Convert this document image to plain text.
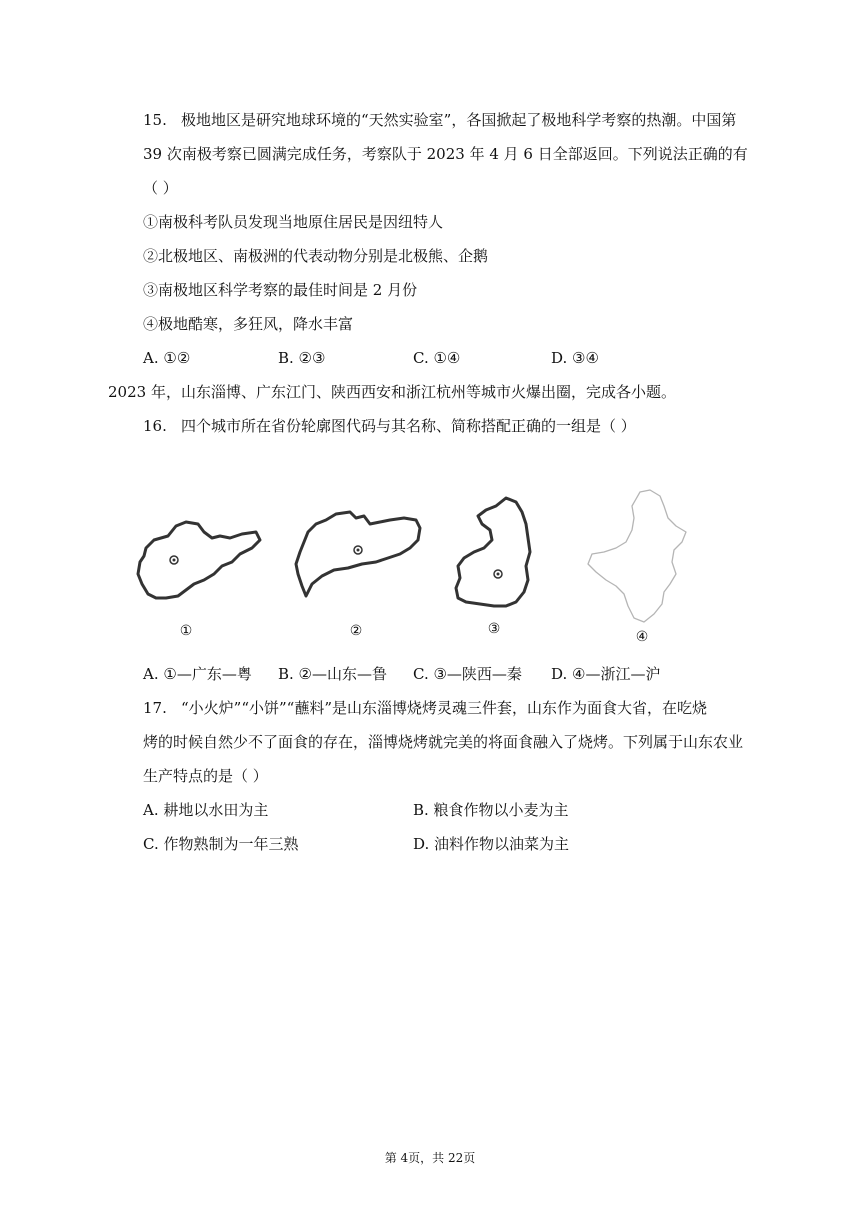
15. 极地地区是研究地球环境的“天然实验室”，各国掀起了极地科学考察的热潮。中国第
39 次南极考察已圆满完成任务，考察队于 2023 年 4 月 6 日全部返回。下列说法正确的有
（ ）
①南极科考队员发现当地原住居民是因纽特人
②北极地区、南极洲的代表动物分别是北极熊、企鹅
③南极地区科学考察的最佳时间是 2 月份
④极地酷寒，多狂风，降水丰富
A. ①②	B. ②③	C. ①④	D. ③④
2023 年，山东淄博、广东江门、陕西西安和浙江杭州等城市火爆出圈，完成各小题。
16. 四个城市所在省份轮廓图代码与其名称、简称搭配正确的一组是（ ）
①	②	③	④
A. ①—广东—粤 B. ②—山东—鲁 C. ③—陕西—秦 D. ④—浙江—沪
17. “小火炉”“小饼”“蘸料”是山东淄博烧烤灵魂三件套，山东作为面食大省，在吃烧
烤的时候自然少不了面食的存在，淄博烧烤就完美的将面食融入了烧烤。下列属于山东农业
生产特点的是（ ）
A. 耕地以水田为主	B. 粮食作物以小麦为主
C. 作物熟制为一年三熟	D. 油料作物以油菜为主
第 4页，共 22页
